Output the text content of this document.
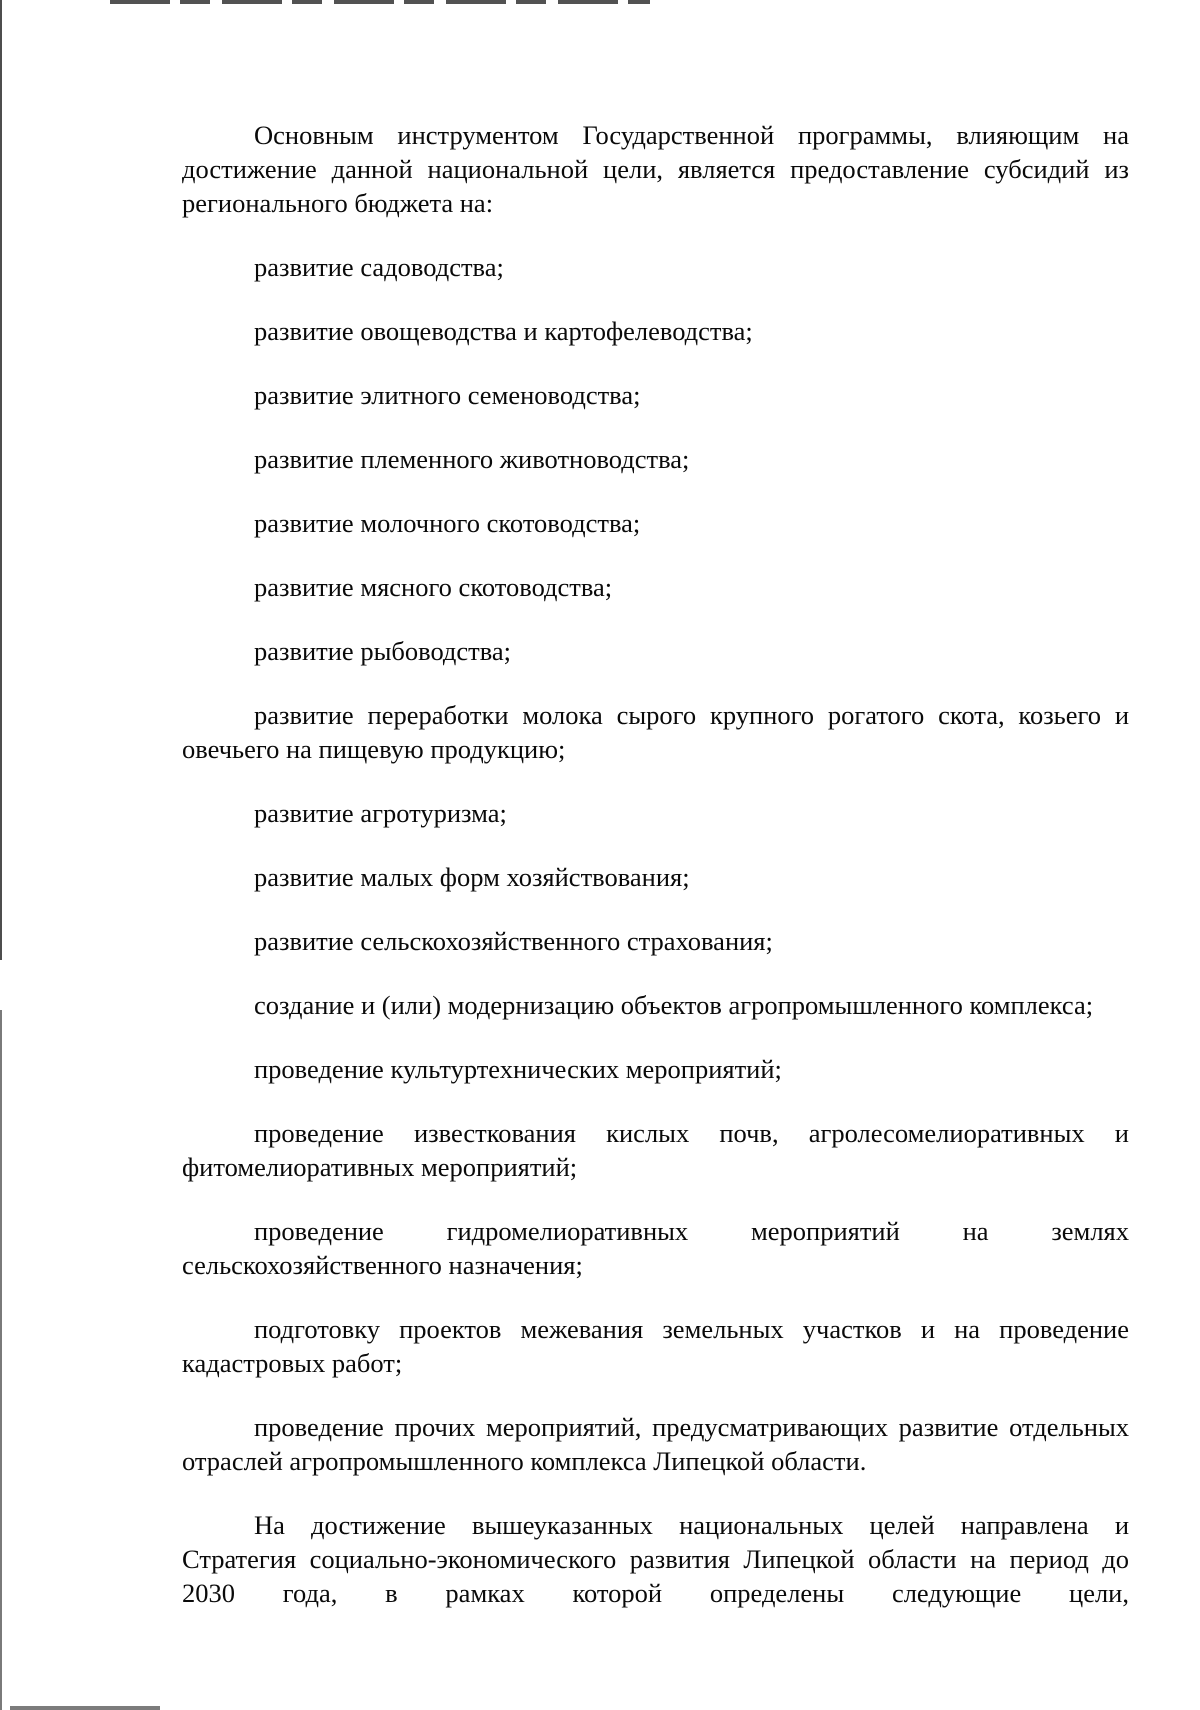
Основным инструментом Государственной программы, влияющим на достижение данной национальной цели, является предоставление субсидий из регионального бюджета на:

развитие садоводства;

развитие овощеводства и картофелеводства;

развитие элитного семеноводства;

развитие племенного животноводства;

развитие молочного скотоводства;

развитие мясного скотоводства;

развитие рыбоводства;

развитие переработки молока сырого крупного рогатого скота, козьего и овечьего на пищевую продукцию;

развитие агротуризма;

развитие малых форм хозяйствования;

развитие сельскохозяйственного страхования;

создание и (или) модернизацию объектов агропромышленного комплекса;

проведение культуртехнических мероприятий;

проведение известкования кислых почв, агролесомелиоративных и фитомелиоративных мероприятий;

проведение гидромелиоративных мероприятий на землях сельскохозяйственного назначения;

подготовку проектов межевания земельных участков и на проведение кадастровых работ;

проведение прочих мероприятий, предусматривающих развитие отдельных отраслей агропромышленного комплекса Липецкой области.

На достижение вышеуказанных национальных целей направлена и Стратегия социально-экономического развития Липецкой области на период до 2030 года, в рамках которой определены следующие цели,
